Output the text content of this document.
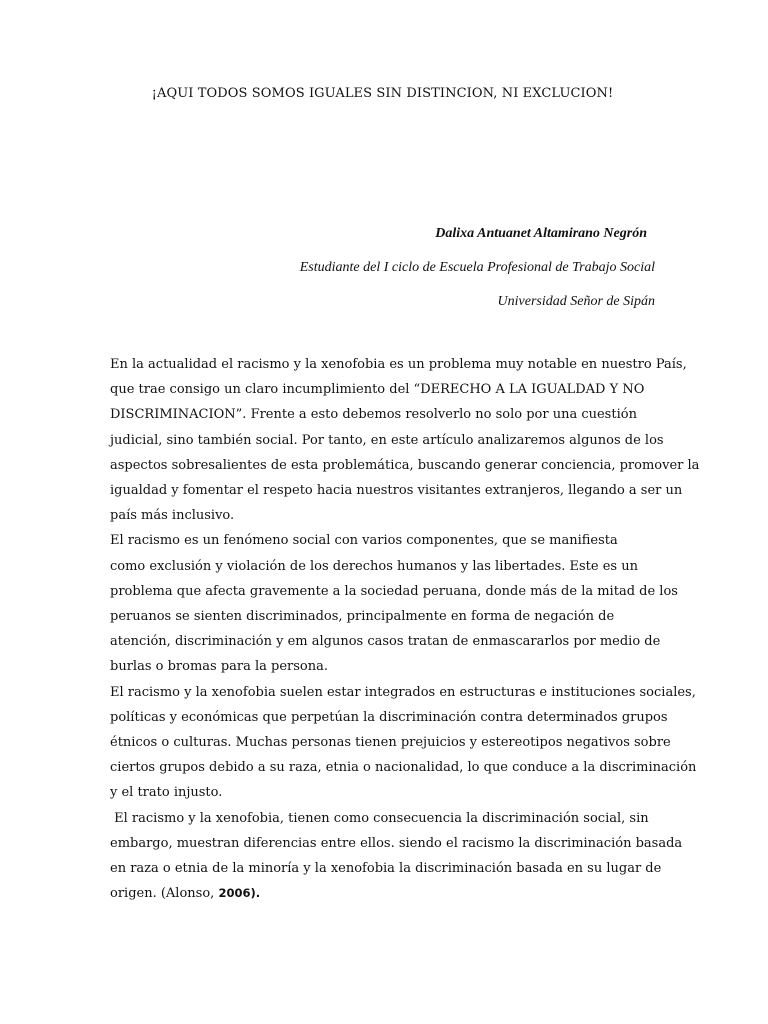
¡AQUI TODOS SOMOS IGUALES SIN DISTINCION, NI EXCLUCION!
Dalixa Antuanet Altamirano Negrón
Estudiante del I ciclo de Escuela Profesional de Trabajo Social
Universidad Señor de Sipán
En la actualidad el racismo y la xenofobia es un problema muy notable en nuestro País,
que trae consigo un claro incumplimiento del “DERECHO A LA IGUALDAD Y NO
DISCRIMINACION”. Frente a esto debemos resolverlo no solo por una cuestión
judicial, sino también social. Por tanto, en este artículo analizaremos algunos de los
aspectos sobresalientes de esta problemática, buscando generar conciencia, promover la
igualdad y fomentar el respeto hacia nuestros visitantes extranjeros, llegando a ser un
país más inclusivo.
El racismo es un fenómeno social con varios componentes, que se manifiesta
como exclusión y violación de los derechos humanos y las libertades. Este es un
problema que afecta gravemente a la sociedad peruana, donde más de la mitad de los
peruanos se sienten discriminados, principalmente en forma de negación de
atención, discriminación y em algunos casos tratan de enmascararlos por medio de
burlas o bromas para la persona.
El racismo y la xenofobia suelen estar integrados en estructuras e instituciones sociales,
políticas y económicas que perpetúan la discriminación contra determinados grupos
étnicos o culturas. Muchas personas tienen prejuicios y estereotipos negativos sobre
ciertos grupos debido a su raza, etnia o nacionalidad, lo que conduce a la discriminación
y el trato injusto.
El racismo y la xenofobia, tienen como consecuencia la discriminación social, sin
embargo, muestran diferencias entre ellos. siendo el racismo la discriminación basada
en raza o etnia de la minoría y la xenofobia la discriminación basada en su lugar de
origen. (Alonso, 2006).
